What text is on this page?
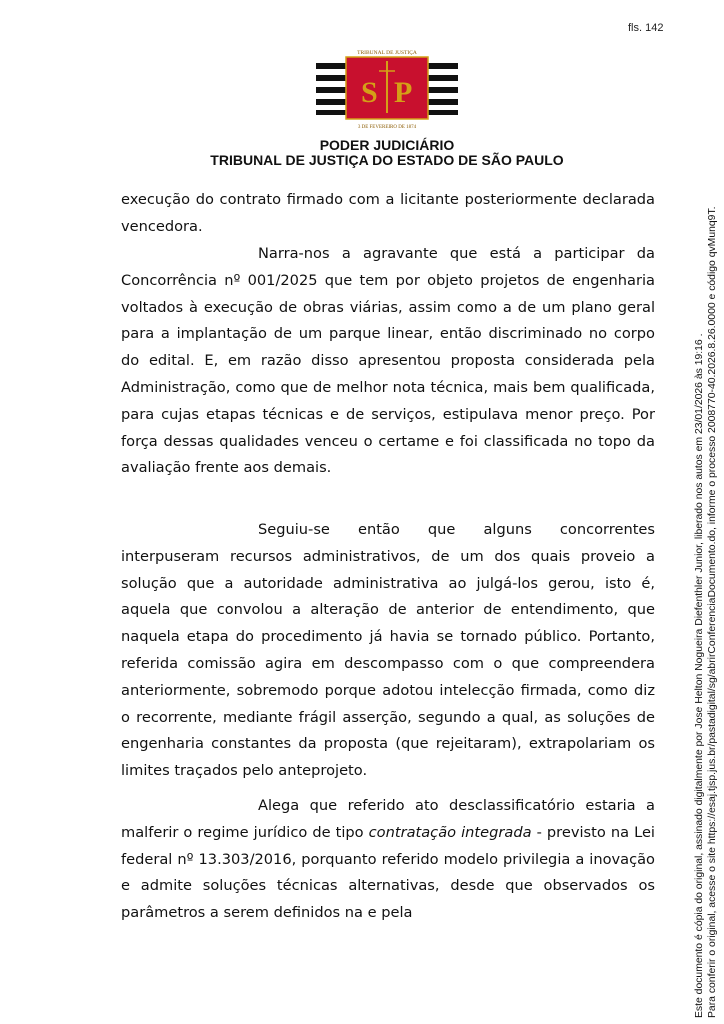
fls. 142
S P
TRIBUNAL DE JUSTIÇA
3 DE FEVEREIRO DE 1874
PODER JUDICIÁRIO
TRIBUNAL DE JUSTIÇA DO ESTADO DE SÃO PAULO

execução do contrato firmado com a licitante posteriormente declarada vencedora.

Narra-nos a agravante que está a participar da Concorrência nº 001/2025 que tem por objeto projetos de engenharia voltados à execução de obras viárias, assim como a de um plano geral para a implantação de um parque linear, então discriminado no corpo do edital. E, em razão disso apresentou proposta considerada pela Administração, como que de melhor nota técnica, mais bem qualificada, para cujas etapas técnicas e de serviços, estipulava menor preço. Por força dessas qualidades venceu o certame e foi classificada no topo da avaliação frente aos demais.

Seguiu-se então que alguns concorrentes interpuseram recursos administrativos, de um dos quais proveio a solução que a autoridade administrativa ao julgá-los gerou, isto é, aquela que convolou a alteração de anterior de entendimento, que naquela etapa do procedimento já havia se tornado público. Portanto, referida comissão agira em descompasso com o que compreendera anteriormente, sobremodo porque adotou intelecção firmada, como diz o recorrente, mediante frágil asserção, segundo a qual, as soluções de engenharia constantes da proposta (que rejeitaram), extrapolariam os limites traçados pelo anteprojeto.

Alega que referido ato desclassificatório estaria a malferir o regime jurídico de tipo contratação integrada - previsto na Lei federal nº 13.303/2016, porquanto referido modelo privilegia a inovação e admite soluções técnicas alternativas, desde que observados os parâmetros a serem definidos na e pela	Este documento é cópia do original, assinado digitalmente por Jose Helton Nogueira Diefenthler Junior, liberado nos autos em 23/01/2026 às 19:16 . Para conferir o original, acesse o site https://esaj.tjsp.jus.br/pastadigital/sg/abrirConferenciaDocumento.do, informe o processo 2008770-40.2026.8.26.0000 e código qvMunq9T.
